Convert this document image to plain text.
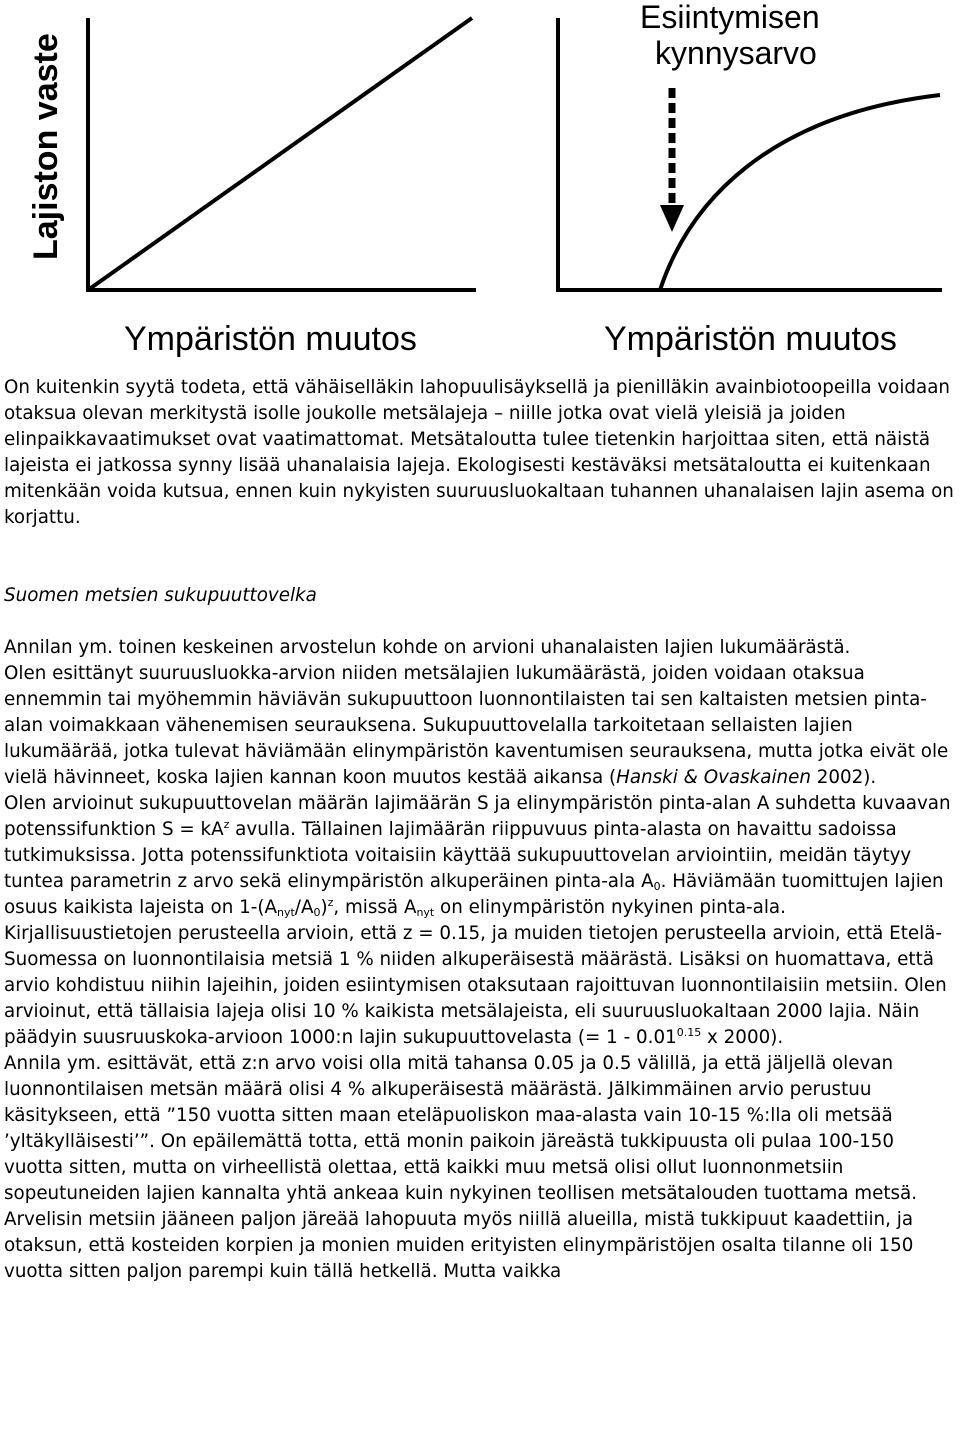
Lajiston vaste
Ympäristön muutos
Esiintymisen
kynnysarvo
Ympäristön muutos

On kuitenkin syytä todeta, että vähäiselläkin lahopuulisäyksellä ja pienilläkin avainbiotoopeilla voidaan otaksua olevan merkitystä isolle joukolle metsälajeja – niille jotka ovat vielä yleisiä ja joiden elinpaikkavaatimukset ovat vaatimattomat. Metsätaloutta tulee tietenkin harjoittaa siten, että näistä lajeista ei jatkossa synny lisää uhanalaisia lajeja. Ekologisesti kestäväksi metsätaloutta ei kuitenkaan mitenkään voida kutsua, ennen kuin nykyisten suuruusluokaltaan tuhannen uhanalaisen lajin asema on korjattu.

Suomen metsien sukupuuttovelka

Annilan ym. toinen keskeinen arvostelun kohde on arvioni uhanalaisten lajien lukumäärästä.

Olen esittänyt suuruusluokka-arvion niiden metsälajien lukumäärästä, joiden voidaan otaksua ennemmin tai myöhemmin häviävän sukupuuttoon luonnontilaisten tai sen kaltaisten metsien pinta-alan voimakkaan vähenemisen seurauksena. Sukupuuttovelalla tarkoitetaan sellaisten lajien lukumäärää, jotka tulevat häviämään elinympäristön kaventumisen seurauksena, mutta jotka eivät ole vielä hävinneet, koska lajien kannan koon muutos kestää aikansa (Hanski & Ovaskainen 2002).

Olen arvioinut sukupuuttovelan määrän lajimäärän S ja elinympäristön pinta-alan A suhdetta kuvaavan potenssifunktion $S = kA^z$ avulla. Tällainen lajimäärän riippuvuus pinta-alasta on havaittu sadoissa tutkimuksissa. Jotta potenssifunktiota voitaisiin käyttää sukupuuttovelan arviointiin, meidän täytyy tuntea parametrin z arvo sekä elinympäristön alkuperäinen pinta-ala $A_0$. Häviämään tuomittujen lajien osuus kaikista lajeista on $1-(A_{nyt}/A_0)^z$, missä $A_{nyt}$ on elinympäristön nykyinen pinta-ala.

Kirjallisuustietojen perusteella arvioin, että z = 0.15, ja muiden tietojen perusteella arvioin, että Etelä-Suomessa on luonnontilaisia metsiä 1 % niiden alkuperäisestä määrästä. Lisäksi on huomattava, että arvio kohdistuu niihin lajeihin, joiden esiintymisen otaksutaan rajoittuvan luonnontilaisiin metsiin. Olen arvioinut, että tällaisia lajeja olisi 10 % kaikista metsälajeista, eli suuruusluokaltaan 2000 lajia. Näin päädyin suusruuskoka-arvioon 1000:n lajin sukupuuttovelasta (= $1 - 0.01^{0.15}$ x 2000).

Annila ym. esittävät, että z:n arvo voisi olla mitä tahansa 0.05 ja 0.5 välillä, ja että jäljellä olevan luonnontilaisen metsän määrä olisi 4 % alkuperäisestä määrästä. Jälkimmäinen arvio perustuu käsitykseen, että ”150 vuotta sitten maan eteläpuoliskon maa-alasta vain 10-15 %:lla oli metsää ’yltäkylläisesti’”. On epäilemättä totta, että monin paikoin järeästä tukkipuusta oli pulaa 100-150 vuotta sitten, mutta on virheellistä olettaa, että kaikki muu metsä olisi ollut luonnonmetsiin sopeutuneiden lajien kannalta yhtä ankeaa kuin nykyinen teollisen metsätalouden tuottama metsä. Arvelisin metsiin jääneen paljon järeää lahopuuta myös niillä alueilla, mistä tukkipuut kaadettiin, ja otaksun, että kosteiden korpien ja monien muiden erityisten elinympäristöjen osalta tilanne oli 150 vuotta sitten paljon parempi kuin tällä hetkellä. Mutta vaikka
